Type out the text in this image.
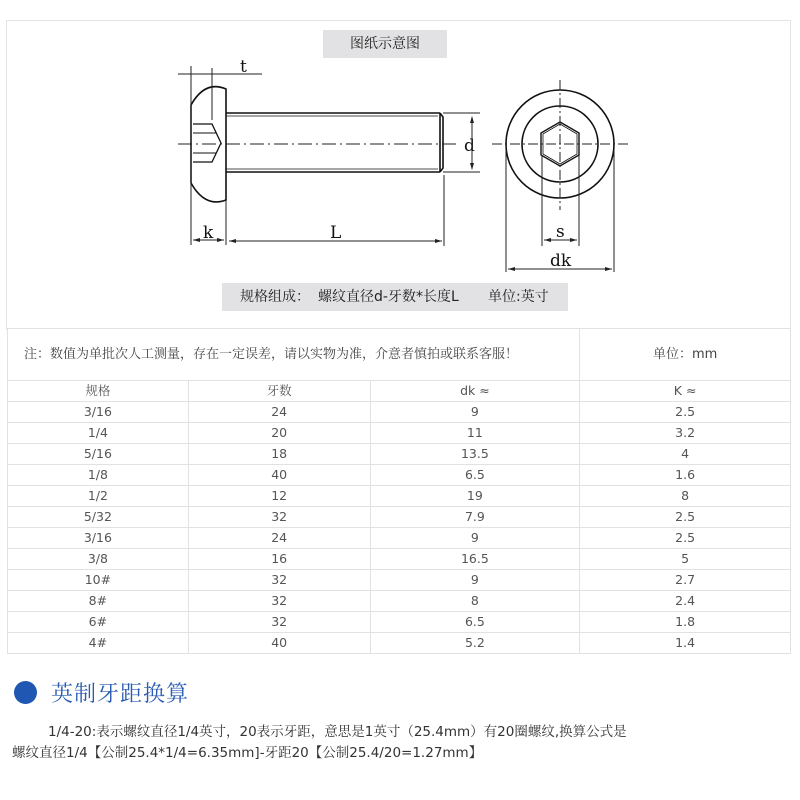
图纸示意图
t
k	L
d
s
dk
规格组成： 螺纹直径d-牙数*长度L 单位:英寸
注：数值为单批次人工测量，存在一定误差，请以实物为准，介意者慎拍或联系客服！			单位：mm
规格	牙数	dk ≈	K ≈
3/16	24	9	2.5
1/4	20	11	3.2
5/16	18	13.5	4
1/8	40	6.5	1.6
1/2	12	19	8
5/32	32	7.9	2.5
3/16	24	9	2.5
3/8	16	16.5	5
10#	32	9	2.7
8#	32	8	2.4
6#	32	6.5	1.8
4#	40	5.2	1.4
英制牙距换算
1/4-20:表示螺纹直径1/4英寸，20表示牙距，意思是1英寸（25.4mm）有20圈螺纹,换算公式是
螺纹直径1/4【公制25.4*1/4=6.35mm]-牙距20【公制25.4/20=1.27mm】
